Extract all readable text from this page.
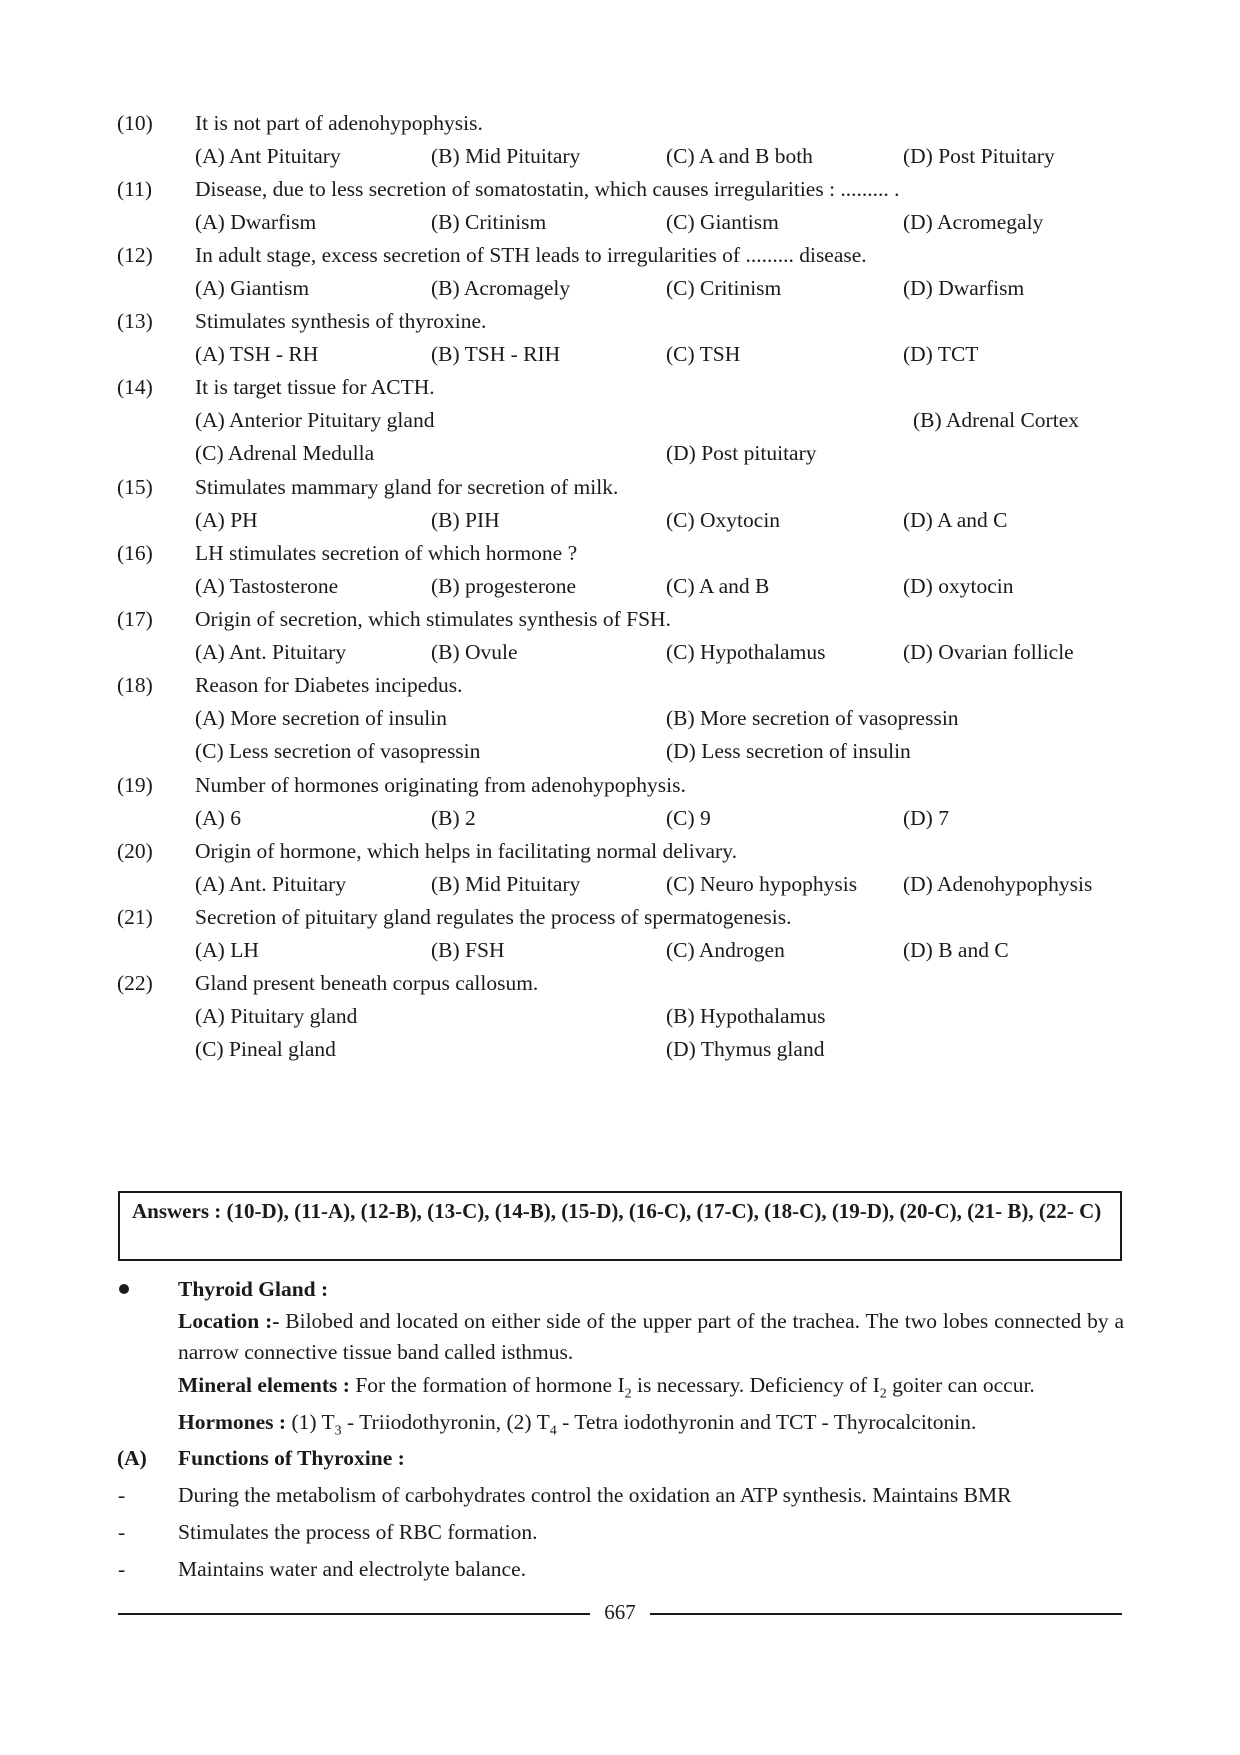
(10) It is not part of adenohypophysis.
(A) Ant Pituitary	(B) Mid Pituitary	(C) A and B both	(D) Post Pituitary
(11) Disease, due to less secretion of somatostatin, which causes irregularities : ......... .
(A) Dwarfism	(B) Critinism	(C) Giantism	(D) Acromegaly
(12) In adult stage, excess secretion of STH leads to irregularities of ......... disease.
(A) Giantism	(B) Acromagely	(C) Critinism	(D) Dwarfism
(13) Stimulates synthesis of thyroxine.
(A) TSH - RH	(B) TSH - RIH	(C) TSH	(D) TCT
(14) It is target tissue for ACTH.
(A) Anterior Pituitary gland	(B) Adrenal Cortex
(C) Adrenal Medulla	(D) Post pituitary
(15) Stimulates mammary gland for secretion of milk.
(A) PH	(B) PIH	(C) Oxytocin	(D) A and C
(16) LH stimulates secretion of which hormone ?
(A) Tastosterone	(B) progesterone	(C) A and B	(D) oxytocin
(17) Origin of secretion, which stimulates synthesis of FSH.
(A) Ant. Pituitary	(B) Ovule	(C) Hypothalamus	(D) Ovarian follicle
(18) Reason for Diabetes incipedus.
(A) More secretion of insulin	(B) More secretion of vasopressin
(C) Less secretion of vasopressin	(D) Less secretion of insulin
(19) Number of hormones originating from adenohypophysis.
(A) 6	(B) 2	(C) 9	(D) 7
(20) Origin of hormone, which helps in facilitating normal delivary.
(A) Ant. Pituitary	(B) Mid Pituitary	(C) Neuro hypophysis (D) Adenohypophysis
(21) Secretion of pituitary gland regulates the process of spermatogenesis.
(A) LH	(B) FSH	(C) Androgen	(D) B and C
(22) Gland present beneath corpus callosum.
(A) Pituitary gland	(B) Hypothalamus
(C) Pineal gland	(D) Thymus gland
Answers : (10-D), (11-A), (12-B), (13-C), (14-B), (15-D), (16-C), (17-C), (18-C), (19-D), (20-C), (21- B), (22- C)
Thyroid Gland :
Location :- Bilobed and located on either side of the upper part of the trachea. The two lobes connected by a narrow connective tissue band called isthmus.
Mineral elements : For the formation of hormone $I_2$ is necessary. Deficiency of $I_2$ goiter can occur.
Hormones : (1) $T_3$ - Triiodothyronin, (2) $T_4$ - Tetra iodothyronin and TCT - Thyrocalcitonin.
(A) Functions of Thyroxine :
- During the metabolism of carbohydrates control the oxidation an ATP synthesis. Maintains BMR
- Stimulates the process of RBC formation.
- Maintains water and electrolyte balance.
667
